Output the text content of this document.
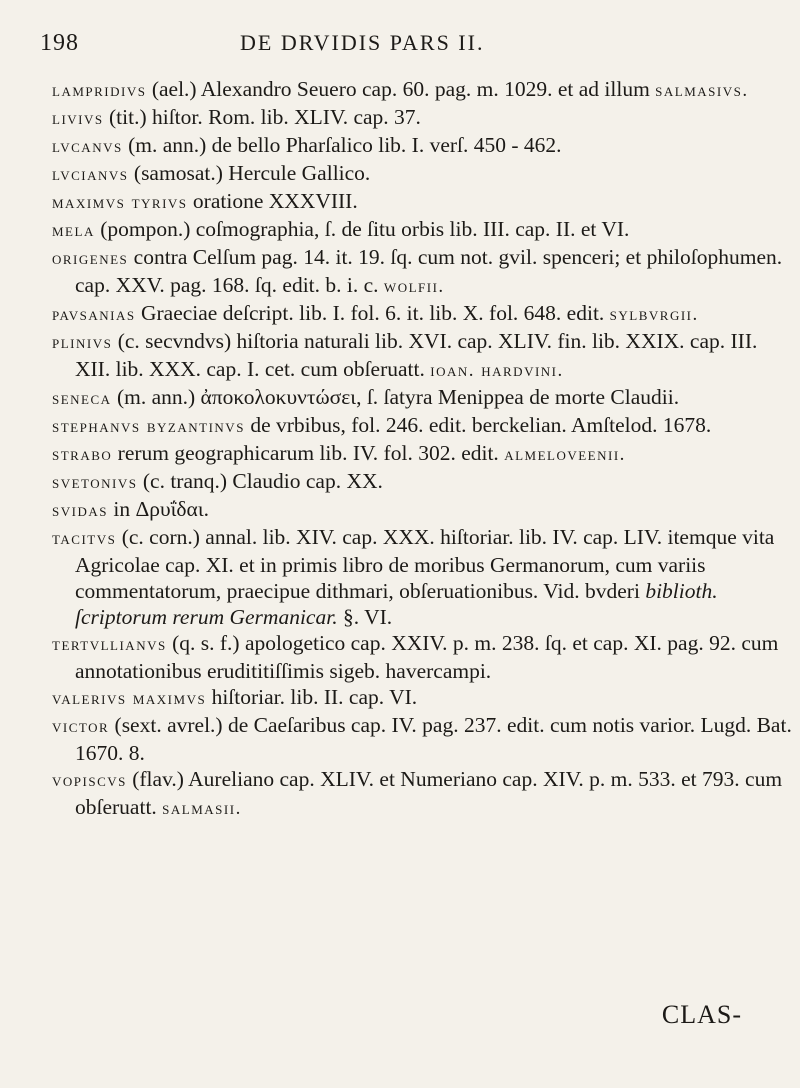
198	DE DRVIDIS PARS II.

lampridivs (ael.) Alexandro Seuero cap. 60. pag. m. 1029. et ad illum salmasivs.

livivs (tit.) hiſtor. Rom. lib. XLIV. cap. 37.

lvcanvs (m. ann.) de bello Pharſalico lib. I. verſ. 450 - 462.

lvcianvs (samosat.) Hercule Gallico.

maximvs tyrivs oratione XXXVIII.

mela (pompon.) coſmographia, ſ. de ſitu orbis lib. III. cap. II. et VI.

origenes contra Celſum pag. 14. it. 19. ſq. cum not. gvil. spenceri; et philoſophumen. cap. XXV. pag. 168. ſq. edit. b. i. c. wolfii.

pavsanias Graeciae deſcript. lib. I. fol. 6. it. lib. X. fol. 648. edit. sylbvrgii.

plinivs (c. secvndvs) hiſtoria naturali lib. XVI. cap. XLIV. fin. lib. XXIX. cap. III. XII. lib. XXX. cap. I. cet. cum obſeruatt. ioan. hardvini.

seneca (m. ann.) ἀποκολοκυντώσει, ſ. ſatyra Menippea de morte Claudii.

stephanvs byzantinvs de vrbibus, fol. 246. edit. berckelian. Amſtelod. 1678.

strabo rerum geographicarum lib. IV. fol. 302. edit. almeloveenii.

svetonivs (c. tranq.) Claudio cap. XX.

svidas in Δρυΐδαι.

tacitvs (c. corn.) annal. lib. XIV. cap. XXX. hiſtoriar. lib. IV. cap. LIV. itemque vita Agricolae cap. XI. et in primis libro de moribus Germanorum, cum variis commentatorum, praecipue dithmari, obſeruationibus. Vid. bvderi biblioth. ſcriptorum rerum Germanicar. §. VI.

tertvllianvs (q. s. f.) apologetico cap. XXIV. p. m. 238. ſq. et cap. XI. pag. 92. cum annotationibus erudititiſſimis sigeb. havercampi.

valerivs maximvs hiſtoriar. lib. II. cap. VI.

victor (sext. avrel.) de Caeſaribus cap. IV. pag. 237. edit. cum notis varior. Lugd. Bat. 1670. 8.

vopiscvs (flav.) Aureliano cap. XLIV. et Numeriano cap. XIV. p. m. 533. et 793. cum obſeruatt. salmasii.

CLAS-
